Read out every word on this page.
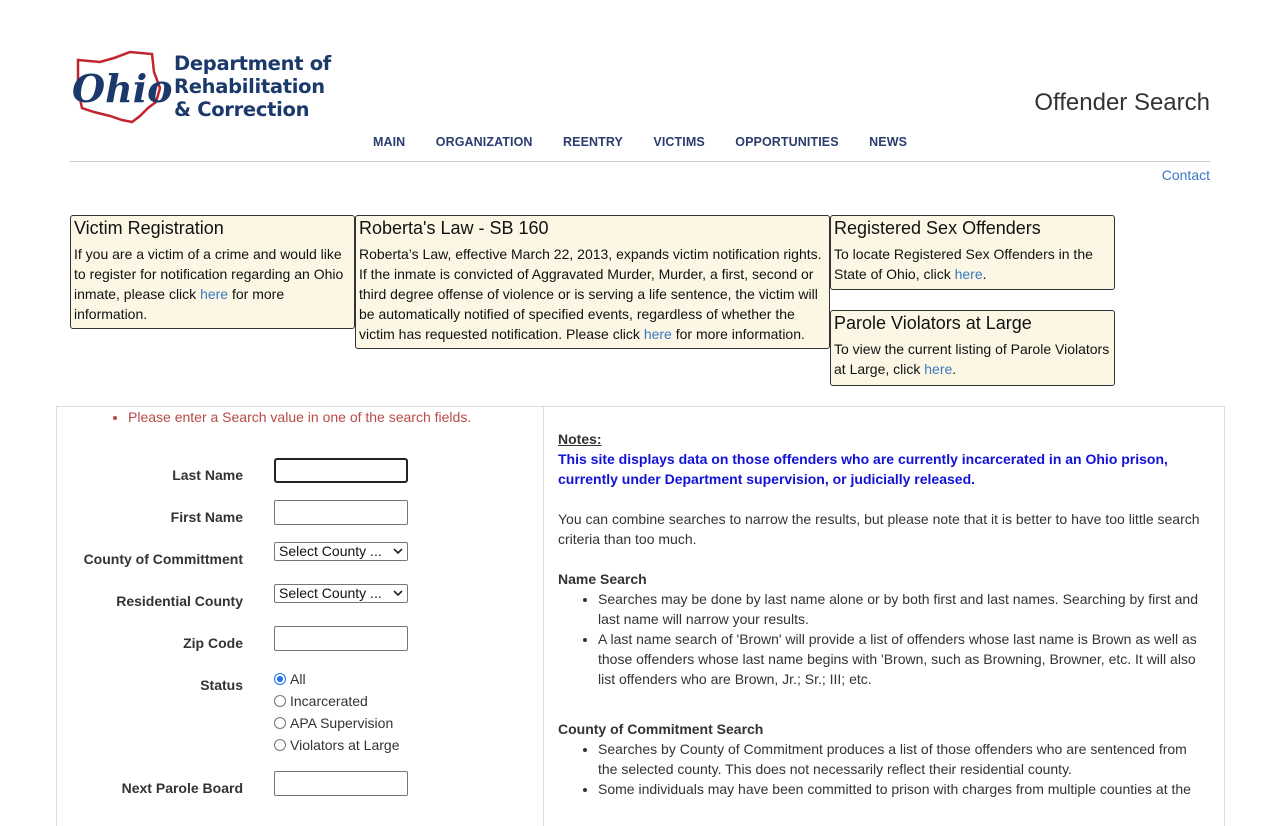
Ohio
Department of
Rehabilitation
& Correction	Offender Search
MAIN ORGANIZATION REENTRY VICTIMS OPPORTUNITIES NEWS
Contact
Victim Registration

If you are a victim of a crime and would like to register for notification regarding an Ohio inmate, please click here for more information.

Roberta's Law - SB 160

Roberta’s Law, effective March 22, 2013, expands victim notification rights. If the inmate is convicted of Aggravated Murder, Murder, a first, second or third degree offense of violence or is serving a life sentence, the victim will be automatically notified of specified events, regardless of whether the victim has requested notification. Please click here for more information.

Registered Sex Offenders

To locate Registered Sex Offenders in the State of Ohio, click here.

Parole Violators at Large

To view the current listing of Parole Violators at Large, click here.

• Please enter a Search value in one of the search fields.
Last Name
First Name
County of Committment	Select County ...
Residential County	Select County ...
Zip Code
Status	All
Incarcerated
APA Supervision
Violators at Large
Next Parole Board
Notes:
This site displays data on those offenders who are currently incarcerated in an Ohio prison, currently under Department supervision, or judicially released.
You can combine searches to narrow the results, but please note that it is better to have too little search criteria than too much.
Name Search
• Searches may be done by last name alone or by both first and last names. Searching by first and last name will narrow your results.
• A last name search of 'Brown' will provide a list of offenders whose last name is Brown as well as those offenders whose last name begins with 'Brown, such as Browning, Browner, etc. It will also list offenders who are Brown, Jr.; Sr.; III; etc.
County of Commitment Search
• Searches by County of Commitment produces a list of those offenders who are sentenced from the selected county. This does not necessarily reflect their residential county.
• Some individuals may have been committed to prison with charges from multiple counties at the
